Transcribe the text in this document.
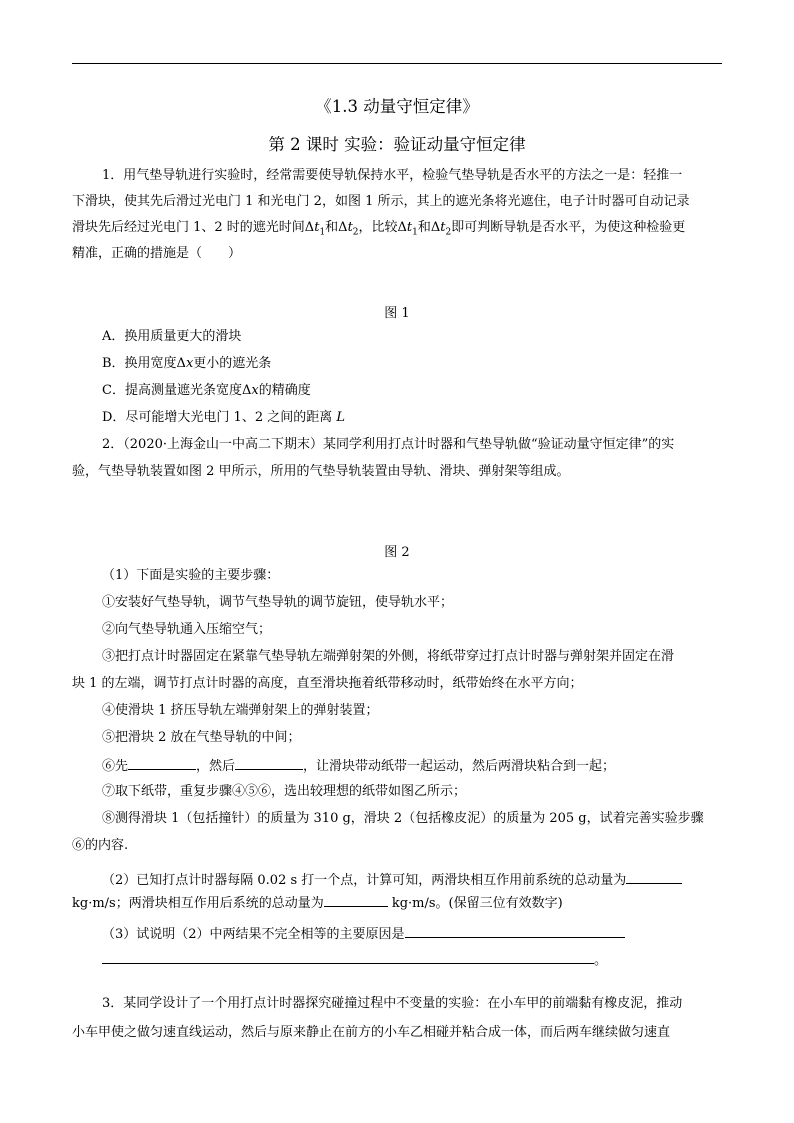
《1.3 动量守恒定律》
第 2 课时 实验：验证动量守恒定律
1．用气垫导轨进行实验时，经常需要使导轨保持水平，检验气垫导轨是否水平的方法之一是：轻推一
下滑块，使其先后滑过光电门 1 和光电门 2，如图 1 所示，其上的遮光条将光遮住，电子计时器可自动记录
滑块先后经过光电门 1、2 时的遮光时间$\Delta t_1$和$\Delta t_2$，比较$\Delta t_1$和$\Delta t_2$即可判断导轨是否水平，为使这种检验更
精准，正确的措施是（　　）
图 1
A．换用质量更大的滑块
B．换用宽度Δx更小的遮光条
C．提高测量遮光条宽度Δx的精确度
D．尽可能增大光电门 1、2 之间的距离 L
2．（2020·上海金山一中高二下期末）某同学利用打点计时器和气垫导轨做“验证动量守恒定律”的实
验，气垫导轨装置如图 2 甲所示，所用的气垫导轨装置由导轨、滑块、弹射架等组成。
图 2
（1）下面是实验的主要步骤：
①安装好气垫导轨，调节气垫导轨的调节旋钮，使导轨水平；
②向气垫导轨通入压缩空气；
③把打点计时器固定在紧靠气垫导轨左端弹射架的外侧，将纸带穿过打点计时器与弹射架并固定在滑
块 1 的左端，调节打点计时器的高度，直至滑块拖着纸带移动时，纸带始终在水平方向；
④使滑块 1 挤压导轨左端弹射架上的弹射装置；
⑤把滑块 2 放在气垫导轨的中间；
⑥先	，然后	，让滑块带动纸带一起运动，然后两滑块粘合到一起；
⑦取下纸带，重复步骤④⑤⑥，选出较理想的纸带如图乙所示；
⑧测得滑块 1（包括撞针）的质量为 310 g，滑块 2（包括橡皮泥）的质量为 205 g，试着完善实验步骤
⑥的内容.
（2）已知打点计时器每隔 0.02 s 打一个点，计算可知，两滑块相互作用前系统的总动量为
kg·m/s；两滑块相互作用后系统的总动量为	kg·m/s。(保留三位有效数字)
（3）试说明（2）中两结果不完全相等的主要原因是
。
3．某同学设计了一个用打点计时器探究碰撞过程中不变量的实验：在小车甲的前端黏有橡皮泥，推动
小车甲使之做匀速直线运动，然后与原来静止在前方的小车乙相碰并粘合成一体，而后两车继续做匀速直
